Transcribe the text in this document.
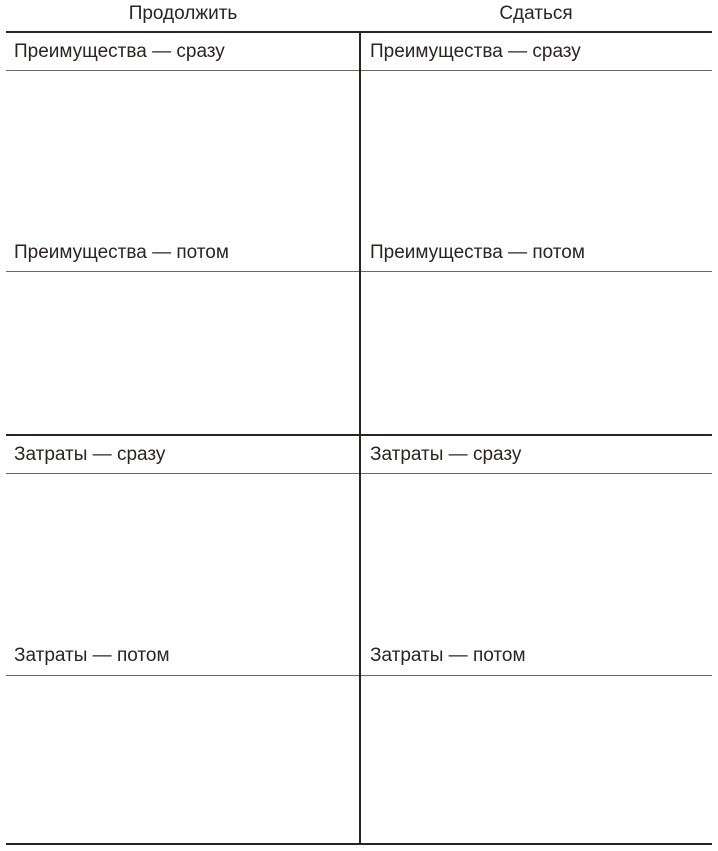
Продолжить	Сдаться
Преимущества — сразу
Преимущества — потом
Затраты — сразу
Затраты — потом
Преимущества — сразу
Преимущества — потом
Затраты — сразу
Затраты — потом
